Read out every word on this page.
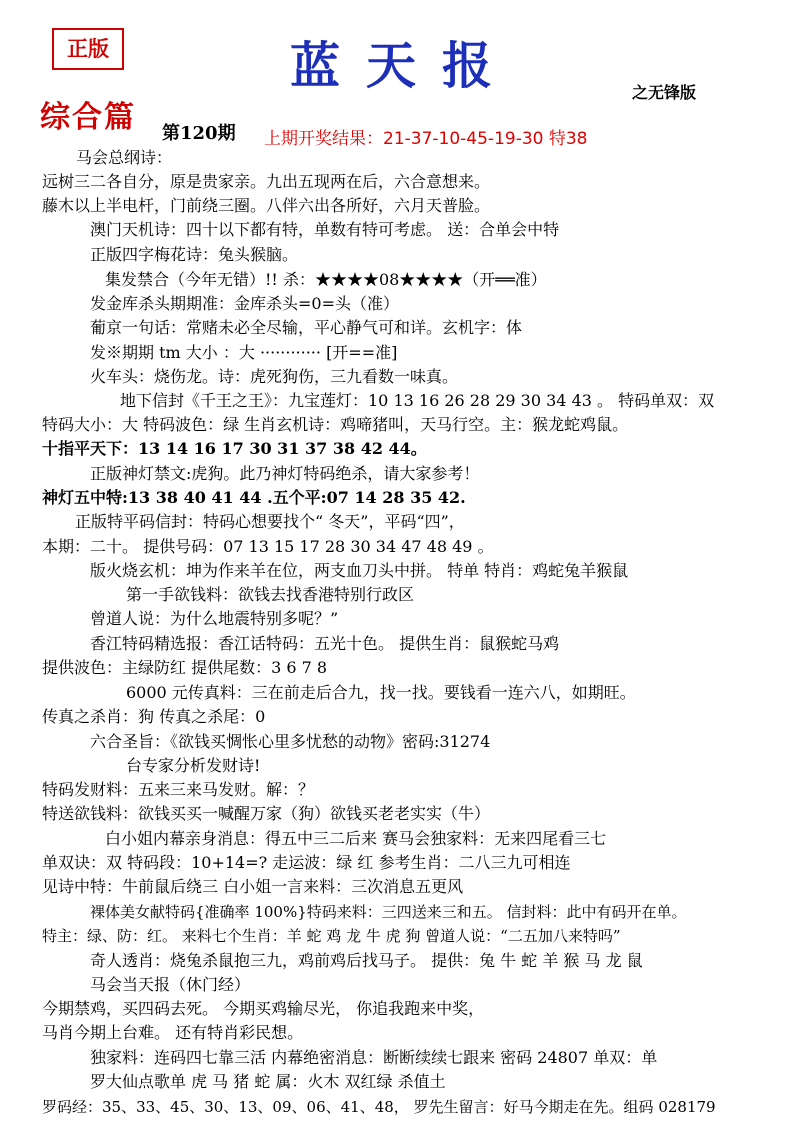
正版	蓝天报	之无锋版
综合篇 第120期 上期开奖结果：21-37-10-45-19-30 特38
马会总纲诗：
远树三二各自分，原是贵家亲。九出五现两在后，六合意想来。
藤木以上半电杆，门前绕三圈。八伴六出各所好，六月天普脸。
澳门天机诗：四十以下都有特，单数有特可考虑。 送：合单会中特
正版四字梅花诗：兔头猴脑。
集发禁合（今年无错）!! 杀：★★★★08★★★★（开══准）
发金库杀头期期准：金库杀头=0=头（准）
葡京一句话：常赌未必全尽输，平心静气可和详。玄机字：体
发※期期 tm 大小 ：大 ············ [开==准]
火车头：烧伤龙。诗：虎死狗伤，三九看数一味真。
地下信封《千王之王》：九宝莲灯：10 13 16 26 28 29 30 34 43 。 特码单双：双
特码大小：大 特码波色：绿 生肖玄机诗：鸡啼猪叫，天马行空。主：猴龙蛇鸡鼠。
十指平天下：13 14 16 17 30 31 37 38 42 44。
正版神灯禁文:虎狗。此乃神灯特码绝杀，请大家参考！
神灯五中特:13 38 40 41 44 .五个平:07 14 28 35 42.
正版特平码信封：特码心想要找个“ 冬天”，平码“四”，
本期：二十。 提供号码：07 13 15 17 28 30 34 47 48 49 。
版火烧玄机：坤为作来羊在位，两支血刀头中拼。 特单 特肖：鸡蛇兔羊猴鼠
第一手欲钱料：欲钱去找香港特别行政区
曾道人说：为什么地震特别多呢？”
香江特码精选报：香江话特码：五光十色。 提供生肖：鼠猴蛇马鸡
提供波色：主绿防红 提供尾数：3 6 7 8
6000 元传真料：三在前走后合九，找一找。要钱看一连六八，如期旺。
传真之杀肖：狗 传真之杀尾：0
六合圣旨：《欲钱买惆怅心里多忧愁的动物》密码:31274
台专家分析发财诗!
特码发财料：五来三来马发财。解：？
特送欲钱料：欲钱买买一喊醒万家（狗）欲钱买老老实实（牛）
白小姐内幕亲身消息：得五中三二后来 赛马会独家料：无来四尾看三七
单双诀：双 特码段：10+14=? 走运波：绿 红 参考生肖：二八三九可相连
见诗中特：牛前鼠后绕三 白小姐一言来料：三次消息五更风
裸体美女献特码{准确率 100%}特码来料：三四送来三和五。 信封料：此中有码开在单。
特主：绿、防：红。 来料七个生肖：羊 蛇 鸡 龙 牛 虎 狗 曾道人说：“二五加八来特吗”
奇人透肖：烧兔杀鼠抱三九，鸡前鸡后找马子。 提供：兔 牛 蛇 羊 猴 马 龙 鼠
马会当天报（休门经）
今期禁鸡，买四码去死。 今期买鸡输尽光， 你追我跑来中奖，
马肖今期上台难。 还有特肖彩民想。
独家料：连码四七靠三活 内幕绝密消息：断断续续七跟来 密码 24807 单双：单
罗大仙点歌单 虎 马 猪 蛇 属：火木 双红绿 杀值土
罗码经：35、33、45、30、13、09、06、41、48， 罗先生留言：好马今期走在先。组码 028179
